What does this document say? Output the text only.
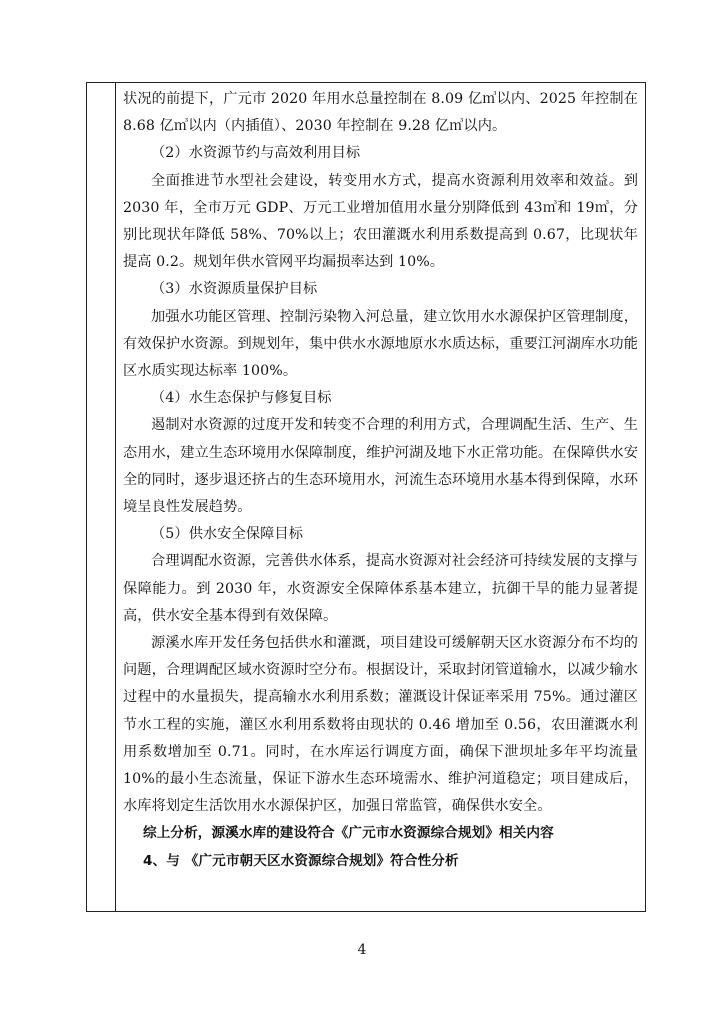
状况的前提下，广元市 2020 年用水总量控制在 8.09 亿㎥以内、2025 年控制在 8.68 亿㎥以内（内插值）、2030 年控制在 9.28 亿㎥以内。

（2）水资源节约与高效利用目标

全面推进节水型社会建设，转变用水方式，提高水资源利用效率和效益。到 2030 年，全市万元 GDP、万元工业增加值用水量分别降低到 43㎥和 19㎥，分别比现状年降低 58%、70%以上；农田灌溉水利用系数提高到 0.67，比现状年提高 0.2。规划年供水管网平均漏损率达到 10%。

（3）水资源质量保护目标

加强水功能区管理、控制污染物入河总量，建立饮用水水源保护区管理制度，有效保护水资源。到规划年，集中供水水源地原水水质达标，重要江河湖库水功能区水质实现达标率 100%。

（4）水生态保护与修复目标

遏制对水资源的过度开发和转变不合理的利用方式，合理调配生活、生产、生态用水，建立生态环境用水保障制度，维护河湖及地下水正常功能。在保障供水安全的同时，逐步退还挤占的生态环境用水，河流生态环境用水基本得到保障，水环境呈良性发展趋势。

（5）供水安全保障目标

合理调配水资源，完善供水体系，提高水资源对社会经济可持续发展的支撑与保障能力。到 2030 年，水资源安全保障体系基本建立，抗御干旱的能力显著提高，供水安全基本得到有效保障。

源溪水库开发任务包括供水和灌溉，项目建设可缓解朝天区水资源分布不均的问题，合理调配区域水资源时空分布。根据设计，采取封闭管道输水，以减少输水过程中的水量损失，提高输水水利用系数；灌溉设计保证率采用 75%。通过灌区节水工程的实施，灌区水利用系数将由现状的 0.46 增加至 0.56，农田灌溉水利用系数增加至 0.71。同时，在水库运行调度方面，确保下泄坝址多年平均流量 10%的最小生态流量，保证下游水生态环境需水、维护河道稳定；项目建成后，水库将划定生活饮用水水源保护区，加强日常监管，确保供水安全。

综上分析，源溪水库的建设符合《广元市水资源综合规划》相关内容

4、与 《广元市朝天区水资源综合规划》符合性分析

4
